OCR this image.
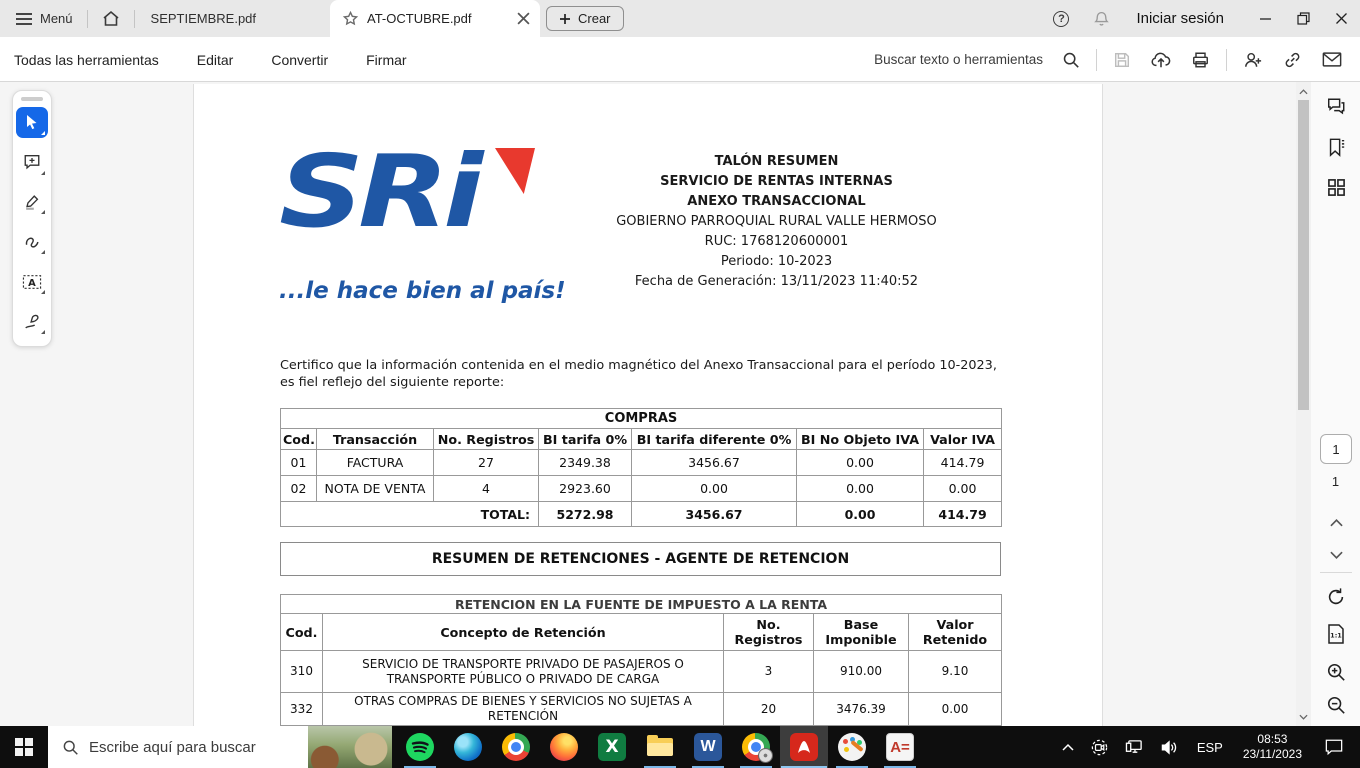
Menú	SEPTIEMBRE.pdf	AT-OCTUBRE.pdf	Crear	?	Iniciar sesión
Todas las herramientas	Editar	Convertir	Firmar	Buscar texto o herramientas
SRi
...le hace bien al país!
TALÓN RESUMEN
SERVICIO DE RENTAS INTERNAS
ANEXO TRANSACCIONAL
GOBIERNO PARROQUIAL RURAL VALLE HERMOSO
RUC: 1768120600001
Periodo: 10-2023
Fecha de Generación: 13/11/2023 11:40:52
Certifico que la información contenida en el medio magnético del Anexo Transaccional para el período 10-2023, es fiel reflejo del siguiente reporte:
COMPRAS						
Cod.	Transacción	No. Registros	BI tarifa 0%	BI tarifa diferente 0%	BI No Objeto IVA	Valor IVA
01	FACTURA	27	2349.38	3456.67	0.00	414.79
02	NOTA DE VENTA	4	2923.60	0.00	0.00	0.00
TOTAL:			5272.98	3456.67	0.00	414.79
RESUMEN DE RETENCIONES - AGENTE DE RETENCION
RETENCION EN LA FUENTE DE IMPUESTO A LA RENTA				
Cod.	Concepto de Retención	No. Registros	Base Imponible	Valor Retenido
310	SERVICIO DE TRANSPORTE PRIVADO DE PASAJEROS O TRANSPORTE PÚBLICO O PRIVADO DE CARGA	3	910.00	9.10
332	OTRAS COMPRAS DE BIENES Y SERVICIOS NO SUJETAS A RETENCIÓN	20	3476.39	0.00
A
1
1
1:1
Escribe aquí para buscar
X	W	A=	ESP
08:53
23/11/2023
